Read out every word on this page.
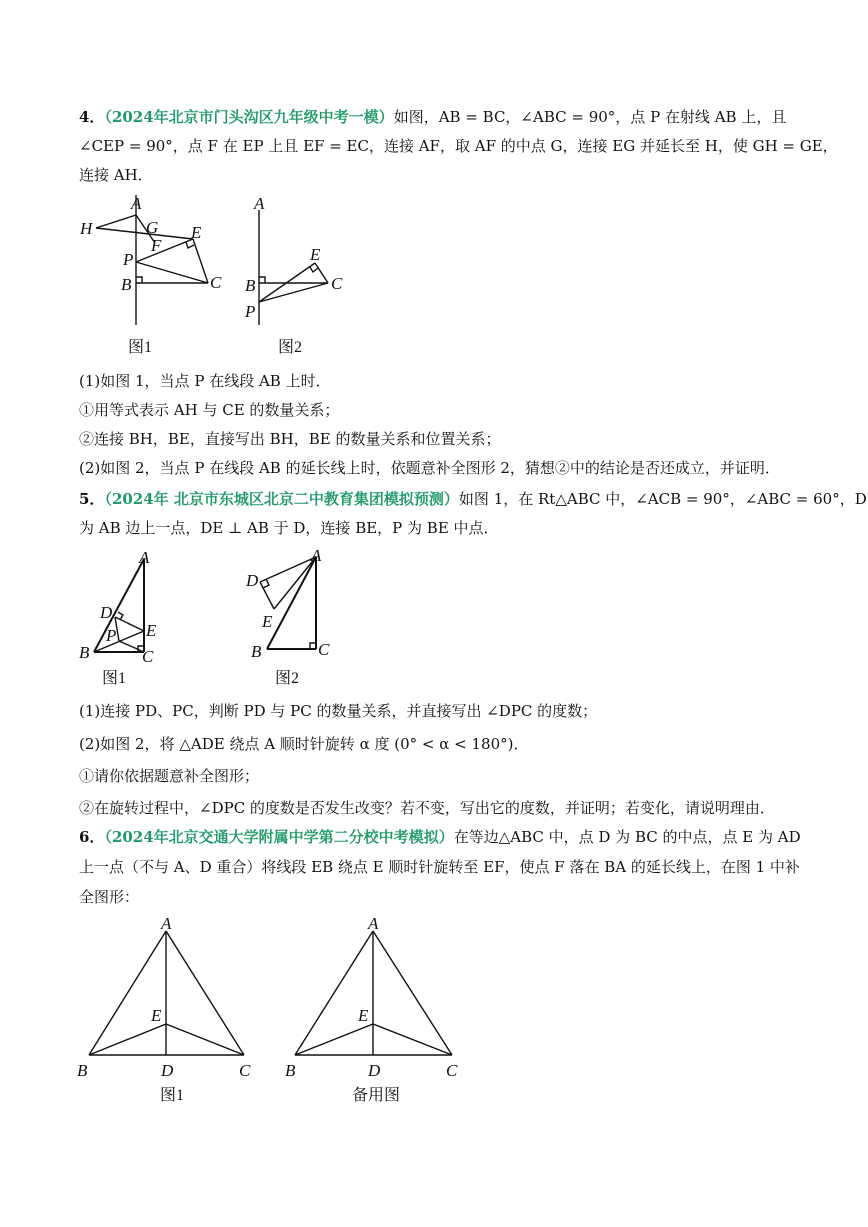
4．（2024年北京市门头沟区九年级中考一模）如图，AB = BC，∠ABC = 90°，点 P 在射线 AB 上，且
∠CEP = 90°，点 F 在 EP 上且 EF = EC，连接 AF，取 AF 的中点 G，连接 EG 并延长至 H，使 GH = GE，
连接 AH．
A
H	G E
F
P
B	C
图1
A
E
B	C
P
图2
(1)如图 1，当点 P 在线段 AB 上时．
①用等式表示 AH 与 CE 的数量关系；
②连接 BH，BE，直接写出 BH，BE 的数量关系和位置关系；
(2)如图 2，当点 P 在线段 AB 的延长线上时，依题意补全图形 2，猜想②中的结论是否还成立，并证明．
5．（2024年 北京市东城区北京二中教育集团模拟预测）如图 1，在 Rt△ABC 中，∠ACB = 90°，∠ABC = 60°，D
为 AB 边上一点，DE ⊥ AB 于 D，连接 BE，P 为 BE 中点．
A
D
P E
B	C
图1
A
D
E
B	C
图2
(1)连接 PD、PC，判断 PD 与 PC 的数量关系，并直接写出 ∠DPC 的度数；
(2)如图 2，将 △ADE 绕点 A 顺时针旋转 α 度 (0° < α < 180°)．
①请你依据题意补全图形；
②在旋转过程中，∠DPC 的度数是否发生改变？若不变，写出它的度数，并证明；若变化，请说明理由．
6．（2024年北京交通大学附属中学第二分校中考模拟）在等边△ABC 中，点 D 为 BC 的中点，点 E 为 AD
上一点（不与 A、D 重合）将线段 EB 绕点 E 顺时针旋转至 EF，使点 F 落在 BA 的延长线上，在图 1 中补
全图形：
A
E
B	D	C
图1
A
E
B	D	C
备用图
